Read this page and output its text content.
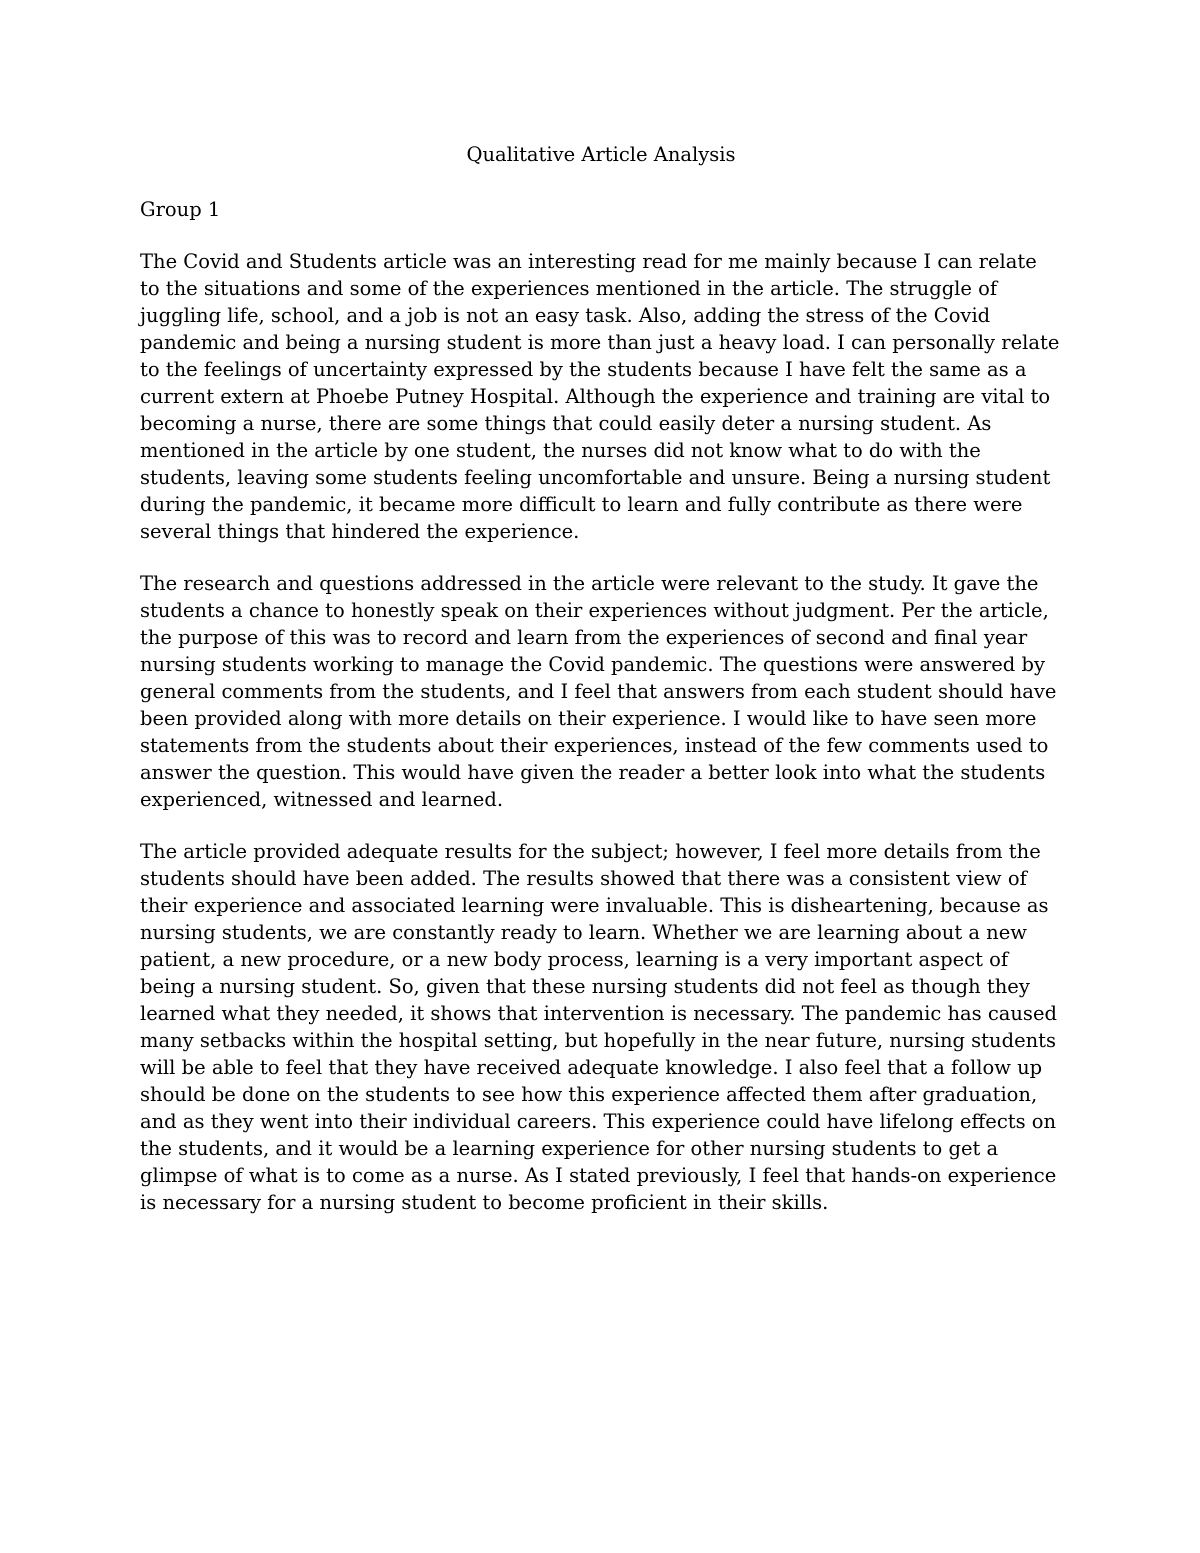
Qualitative Article Analysis

Group 1

The Covid and Students article was an interesting read for me mainly because I can relate to the situations and some of the experiences mentioned in the article. The struggle of juggling life, school, and a job is not an easy task. Also, adding the stress of the Covid pandemic and being a nursing student is more than just a heavy load. I can personally relate to the feelings of uncertainty expressed by the students because I have felt the same as a current extern at Phoebe Putney Hospital. Although the experience and training are vital to becoming a nurse, there are some things that could easily deter a nursing student. As mentioned in the article by one student, the nurses did not know what to do with the students, leaving some students feeling uncomfortable and unsure. Being a nursing student during the pandemic, it became more difficult to learn and fully contribute as there were several things that hindered the experience.

The research and questions addressed in the article were relevant to the study. It gave the students a chance to honestly speak on their experiences without judgment. Per the article, the purpose of this was to record and learn from the experiences of second and final year nursing students working to manage the Covid pandemic. The questions were answered by general comments from the students, and I feel that answers from each student should have been provided along with more details on their experience. I would like to have seen more statements from the students about their experiences, instead of the few comments used to answer the question. This would have given the reader a better look into what the students experienced, witnessed and learned.

The article provided adequate results for the subject; however, I feel more details from the students should have been added. The results showed that there was a consistent view of their experience and associated learning were invaluable. This is disheartening, because as nursing students, we are constantly ready to learn. Whether we are learning about a new patient, a new procedure, or a new body process, learning is a very important aspect of being a nursing student. So, given that these nursing students did not feel as though they learned what they needed, it shows that intervention is necessary. The pandemic has caused many setbacks within the hospital setting, but hopefully in the near future, nursing students will be able to feel that they have received adequate knowledge. I also feel that a follow up should be done on the students to see how this experience affected them after graduation, and as they went into their individual careers. This experience could have lifelong effects on the students, and it would be a learning experience for other nursing students to get a glimpse of what is to come as a nurse. As I stated previously, I feel that hands-on experience is necessary for a nursing student to become proficient in their skills.
